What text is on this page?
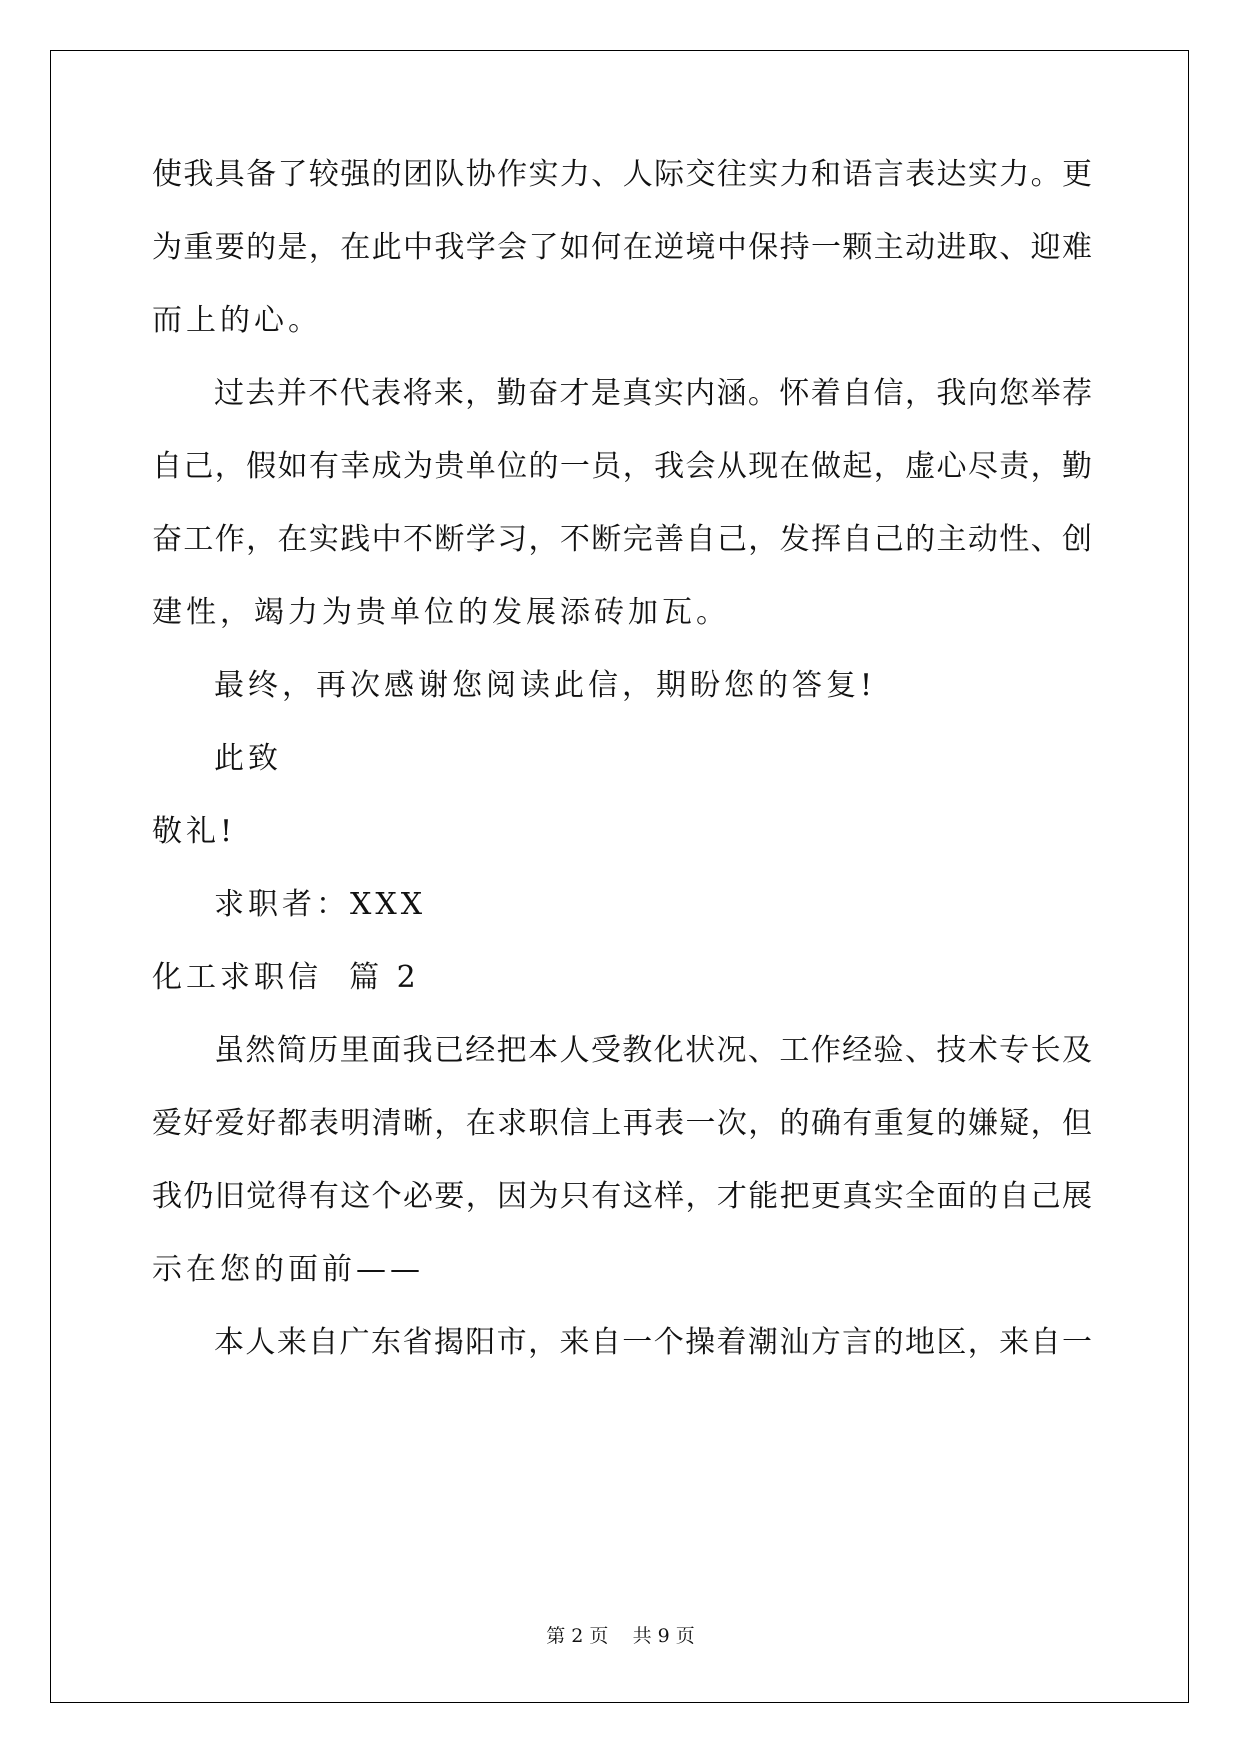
使我具备了较强的团队协作实力、人际交往实力和语言表达实力。更
为重要的是，在此中我学会了如何在逆境中保持一颗主动进取、迎难
而上的心。
过去并不代表将来，勤奋才是真实内涵。怀着自信，我向您举荐
自己，假如有幸成为贵单位的一员，我会从现在做起，虚心尽责，勤
奋工作，在实践中不断学习，不断完善自己，发挥自己的主动性、创
建性，竭力为贵单位的发展添砖加瓦。
最终，再次感谢您阅读此信，期盼您的答复!
此致
敬礼!
求职者：XXX
化工求职信  篇 2
虽然简历里面我已经把本人受教化状况、工作经验、技术专长及
爱好爱好都表明清晰，在求职信上再表一次，的确有重复的嫌疑，但
我仍旧觉得有这个必要，因为只有这样，才能把更真实全面的自己展
示在您的面前——
本人来自广东省揭阳市，来自一个操着潮汕方言的地区，来自一
第 2 页    共 9 页
